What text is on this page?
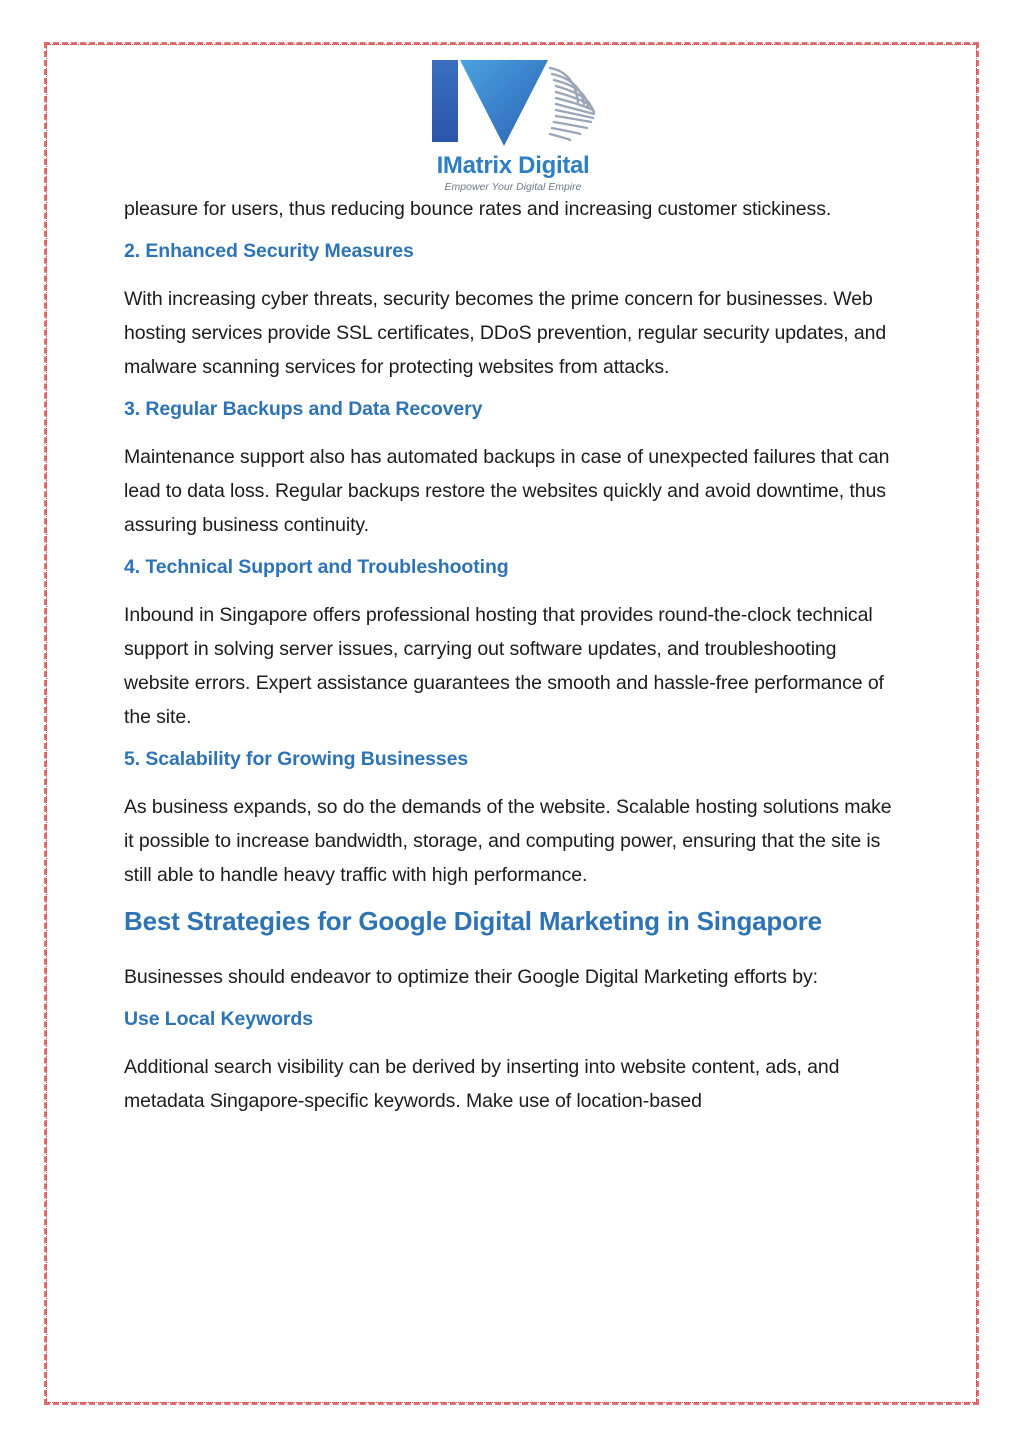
IMatrix Digital
Empower Your Digital Empire

pleasure for users, thus reducing bounce rates and increasing customer stickiness.

2. Enhanced Security Measures

With increasing cyber threats, security becomes the prime concern for businesses. Web hosting services provide SSL certificates, DDoS prevention, regular security updates, and malware scanning services for protecting websites from attacks.

3. Regular Backups and Data Recovery

Maintenance support also has automated backups in case of unexpected failures that can lead to data loss. Regular backups restore the websites quickly and avoid downtime, thus assuring business continuity.

4. Technical Support and Troubleshooting

Inbound in Singapore offers professional hosting that provides round-the-clock technical support in solving server issues, carrying out software updates, and troubleshooting website errors. Expert assistance guarantees the smooth and hassle-free performance of the site.

5. Scalability for Growing Businesses

As business expands, so do the demands of the website. Scalable hosting solutions make it possible to increase bandwidth, storage, and computing power, ensuring that the site is still able to handle heavy traffic with high performance.

Best Strategies for Google Digital Marketing in Singapore

Businesses should endeavor to optimize their Google Digital Marketing efforts by:

Use Local Keywords

Additional search visibility can be derived by inserting into website content, ads, and metadata Singapore-specific keywords. Make use of location-based
